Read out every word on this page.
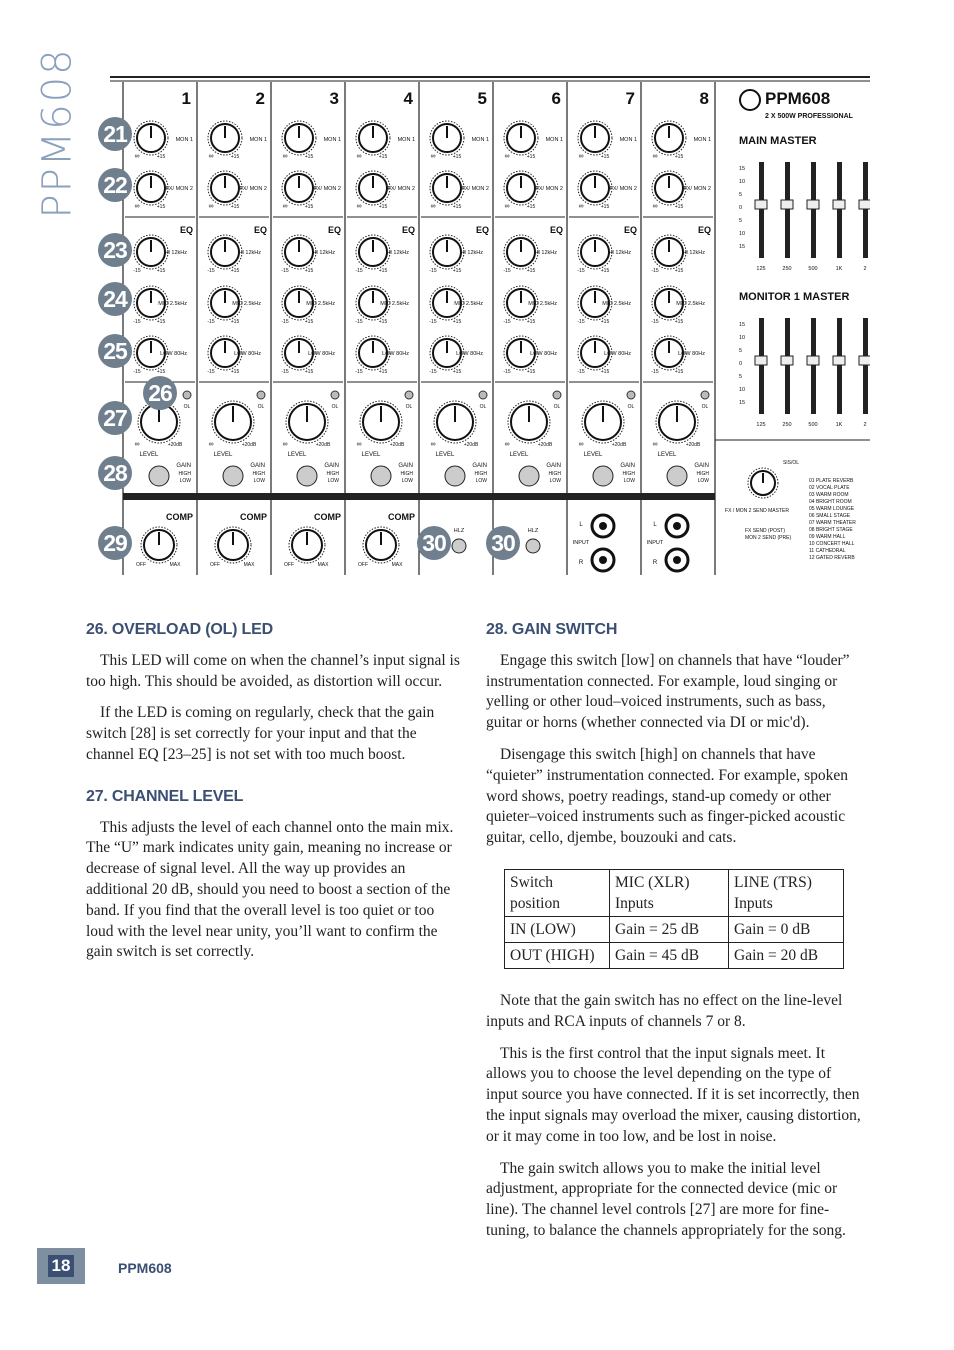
PPM608	1
MON 1
∞	+15
FX/ MON 2
∞	+15
EQ
HI 12kHz
-15	+15
MID 2.5kHz
-15	+15
LOW 80Hz
-15	+15
OL
∞	+20dB
LEVEL
GAIN
HIGH
LOW
2
MON 1
∞	+15
FX/ MON 2
∞	+15
EQ
HI 12kHz
-15	+15
MID 2.5kHz
-15	+15
LOW 80Hz
-15	+15
OL
∞	+20dB
LEVEL
GAIN
HIGH
LOW
3
MON 1
∞	+15
FX/ MON 2
∞	+15
EQ
HI 12kHz
-15	+15
MID 2.5kHz
-15	+15
LOW 80Hz
-15	+15
OL
∞	+20dB
LEVEL
GAIN
HIGH
LOW
4
MON 1
∞	+15
FX/ MON 2
∞	+15
EQ
HI 12kHz
-15	+15
MID 2.5kHz
-15	+15
LOW 80Hz
-15	+15
OL
∞	+20dB
LEVEL
GAIN
HIGH
LOW
5
MON 1
∞	+15
FX/ MON 2
∞	+15
EQ
HI 12kHz
-15	+15
MID 2.5kHz
-15	+15
LOW 80Hz
-15	+15
OL
∞	+20dB
LEVEL
GAIN
HIGH
LOW
6
MON 1
∞	+15
FX/ MON 2
∞	+15
EQ
HI 12kHz
-15	+15
MID 2.5kHz
-15	+15
LOW 80Hz
-15	+15
OL
∞	+20dB
LEVEL
GAIN
HIGH
LOW
7
MON 1
∞	+15
FX/ MON 2
∞	+15
EQ
HI 12kHz
-15	+15
MID 2.5kHz
-15	+15
LOW 80Hz
-15	+15
OL
∞	+20dB
LEVEL
GAIN
HIGH
LOW
8
MON 1
∞	+15
FX/ MON 2
∞	+15
EQ
HI 12kHz
-15	+15
MID 2.5kHz
-15	+15
LOW 80Hz
-15	+15
OL
∞	+20dB
LEVEL
GAIN
HIGH
LOW
COMP
OFF	MAX
COMP
OFF	MAX
COMP
OFF	MAX
COMP
OFF	MAX
HLZ	HLZ
L
R
INPUT
L
R
INPUT
PPM608
2 X 500W PROFESSIONAL
MAIN MASTER
MONITOR 1 MASTER
15
10
5
0
5
10
15
125	250	500	1K	2
15
10
5
0
5
10
15
125	250	500	1K	2
SIS/OL
FX / MON 2 SEND MASTER
FX SEND (POST)
MON 2 SEND (PRE)
01 PLATE REVERB
02 VOCAL PLATE
03 WARM ROOM
04 BRIGHT ROOM
05 WARM LOUNGE
06 SMALL STAGE
07 WARM THEATER
08 BRIGHT STAGE
09 WARM HALL
10 CONCERT HALL
11 CATHEDRAL
12 GATED REVERB
21
22
23
24
25
26
27
28
29	30 30
26. OVERLOAD (OL) LED

This LED will come on when the channel’s input signal is too high. This should be avoided, as distortion will occur.

If the LED is coming on regularly, check that the gain switch [28] is set correctly for your input and that the channel EQ [23–25] is not set with too much boost.

27. CHANNEL LEVEL

This adjusts the level of each channel onto the main mix. The “U” mark indicates unity gain, meaning no increase or decrease of signal level. All the way up provides an additional 20 dB, should you need to boost a section of the band. If you find that the overall level is too quiet or too loud with the level near unity, you’ll want to confirm the gain switch is set correctly.

28. GAIN SWITCH

Engage this switch [low] on channels that have “louder” instrumentation connected. For example, loud singing or yelling or other loud–voiced instruments, such as bass, guitar or horns (whether connected via DI or mic'd).

Disengage this switch [high] on channels that have “quieter” instrumentation connected. For example, spoken word shows, poetry readings, stand-up comedy or other quieter–voiced instruments such as finger-picked acoustic guitar, cello, djembe, bouzouki and cats.

Switch position	MIC (XLR) Inputs	LINE (TRS) Inputs
IN (LOW)	Gain = 25 dB	Gain = 0 dB
OUT (HIGH)	Gain = 45 dB	Gain = 20 dB

Note that the gain switch has no effect on the line-level inputs and RCA inputs of channels 7 or 8.

This is the first control that the input signals meet. It allows you to choose the level depending on the type of input source you have connected. If it is set incorrectly, then the input signals may overload the mixer, causing distortion, or it may come in too low, and be lost in noise.

The gain switch allows you to make the initial level adjustment, appropriate for the connected device (mic or line). The channel level controls [27] are more for fine-tuning, to balance the channels appropriately for the song.

18	PPM608
